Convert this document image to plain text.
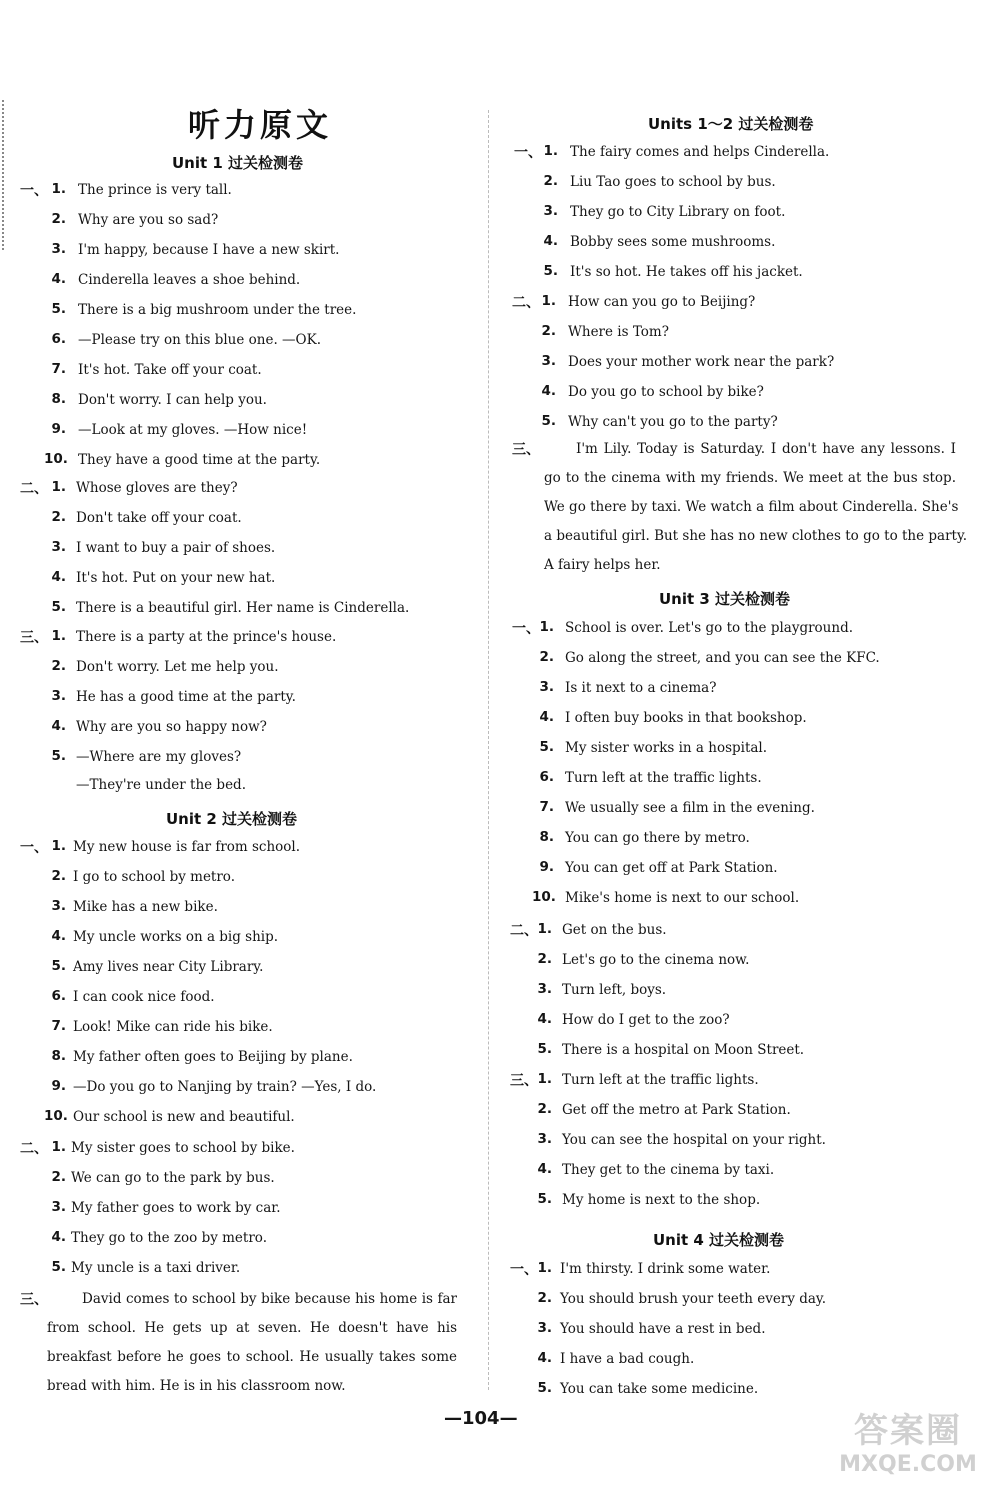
听力原文
Unit 1 过关检测卷
一、 1. The prince is very tall.
2. Why are you so sad?
3. I'm happy, because I have a new skirt.
4. Cinderella leaves a shoe behind.
5. There is a big mushroom under the tree.
6. —Please try on this blue one. —OK.
7. It's hot. Take off your coat.
8. Don't worry. I can help you.
9. —Look at my gloves. —How nice!
10. They have a good time at the party.
二、 1. Whose gloves are they?
2. Don't take off your coat.
3. I want to buy a pair of shoes.
4. It's hot. Put on your new hat.
5. There is a beautiful girl. Her name is Cinderella.
三、 1. There is a party at the prince's house.
2. Don't worry. Let me help you.
3. He has a good time at the party.
4. Why are you so happy now?
5. —Where are my gloves?
—They're under the bed.
Unit 2 过关检测卷
一、 1. My new house is far from school.
2. I go to school by metro.
3. Mike has a new bike.
4. My uncle works on a big ship.
5. Amy lives near City Library.
6. I can cook nice food.
7. Look! Mike can ride his bike.
8. My father often goes to Beijing by plane.
9. —Do you go to Nanjing by train? —Yes, I do.
10. Our school is new and beautiful.
二、 1. My sister goes to school by bike.
2. We can go to the park by bus.
3. My father goes to work by car.
4. They go to the zoo by metro.
5. My uncle is a taxi driver.
三、	David comes to school by bike because his home is far
from school. He gets up at seven. He doesn't have his
breakfast before he goes to school. He usually takes some
bread with him. He is in his classroom now.
Units 1～2 过关检测卷
一、 1. The fairy comes and helps Cinderella.
2. Liu Tao goes to school by bus.
3. They go to City Library on foot.
4. Bobby sees some mushrooms.
5. It's so hot. He takes off his jacket.
二、 1. How can you go to Beijing?
2. Where is Tom?
3. Does your mother work near the park?
4. Do you go to school by bike?
5. Why can't you go to the party?
三、	I'm Lily. Today is Saturday. I don't have any lessons. I
go to the cinema with my friends. We meet at the bus stop.
We go there by taxi. We watch a film about Cinderella. She's
a beautiful girl. But she has no new clothes to go to the party.
A fairy helps her.
Unit 3 过关检测卷
一、 1. School is over. Let's go to the playground.
2. Go along the street, and you can see the KFC.
3. Is it next to a cinema?
4. I often buy books in that bookshop.
5. My sister works in a hospital.
6. Turn left at the traffic lights.
7. We usually see a film in the evening.
8. You can go there by metro.
9. You can get off at Park Station.
10. Mike's home is next to our school.
二、 1. Get on the bus.
2. Let's go to the cinema now.
3. Turn left, boys.
4. How do I get to the zoo?
5. There is a hospital on Moon Street.
三、 1. Turn left at the traffic lights.
2. Get off the metro at Park Station.
3. You can see the hospital on your right.
4. They get to the cinema by taxi.
5. My home is next to the shop.
Unit 4 过关检测卷
一、 1. I'm thirsty. I drink some water.
2. You should brush your teeth every day.
3. You should have a rest in bed.
4. I have a bad cough.
5. You can take some medicine.
—104—	答案圈
MXQE.COM
